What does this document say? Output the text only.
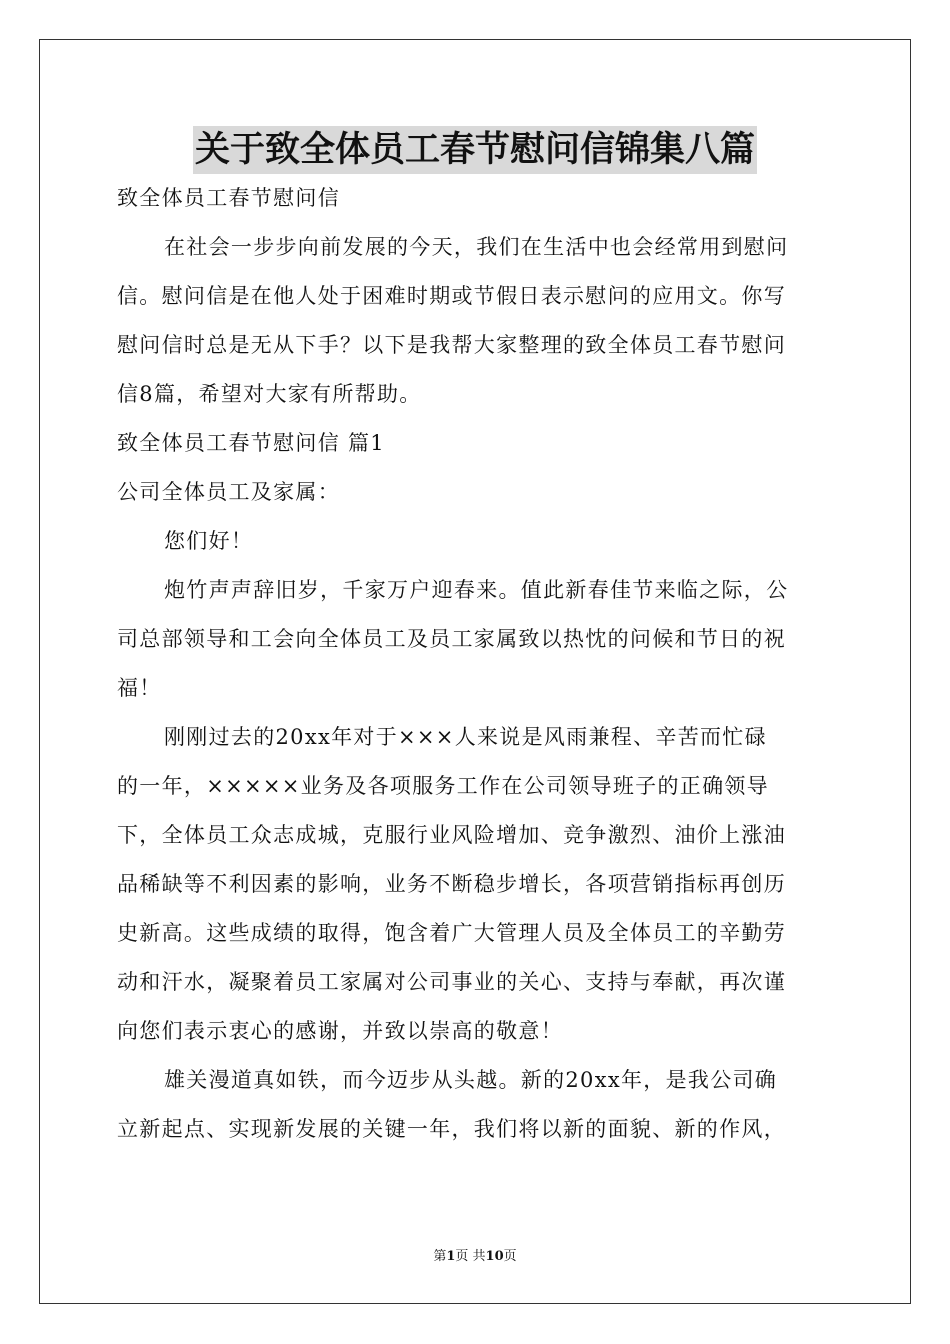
关于致全体员工春节慰问信锦集八篇
致全体员工春节慰问信
在社会一步步向前发展的今天，我们在生活中也会经常用到慰问
信。慰问信是在他人处于困难时期或节假日表示慰问的应用文。你写
慰问信时总是无从下手？以下是我帮大家整理的致全体员工春节慰问
信8篇，希望对大家有所帮助。
致全体员工春节慰问信 篇1
公司全体员工及家属：
您们好！
炮竹声声辞旧岁，千家万户迎春来。值此新春佳节来临之际，公
司总部领导和工会向全体员工及员工家属致以热忱的问候和节日的祝
福！
刚刚过去的20xx年对于×××人来说是风雨兼程、辛苦而忙碌
的一年，×××××业务及各项服务工作在公司领导班子的正确领导
下，全体员工众志成城，克服行业风险增加、竞争激烈、油价上涨油
品稀缺等不利因素的影响，业务不断稳步增长，各项营销指标再创历
史新高。这些成绩的取得，饱含着广大管理人员及全体员工的辛勤劳
动和汗水，凝聚着员工家属对公司事业的关心、支持与奉献，再次谨
向您们表示衷心的感谢，并致以崇高的敬意！
雄关漫道真如铁，而今迈步从头越。新的20xx年，是我公司确
立新起点、实现新发展的关键一年，我们将以新的面貌、新的作风，
第1页 共10页
